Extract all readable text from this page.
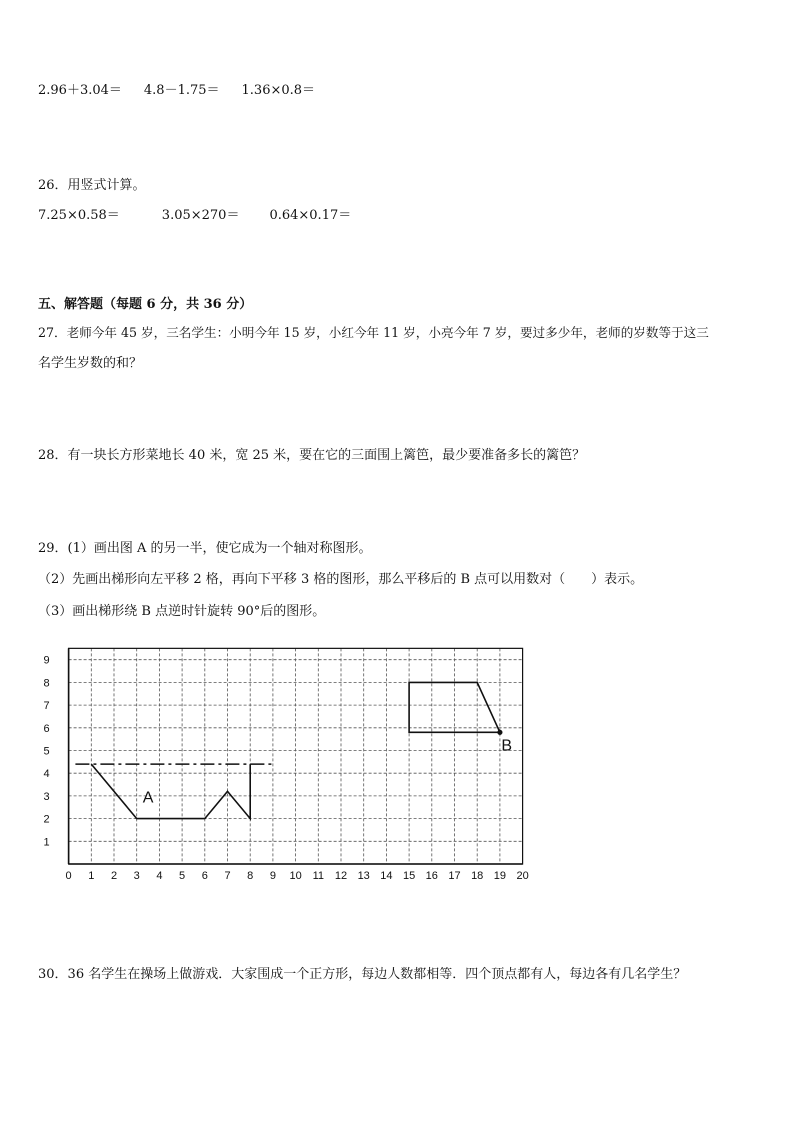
2.96＋3.04＝ 4.8－1.75＝ 1.36×0.8＝
26．用竖式计算。
7.25×0.58＝	3.05×270＝ 0.64×0.17＝
五、解答题（每题 6 分，共 36 分）
27．老师今年 45 岁，三名学生：小明今年 15 岁，小红今年 11 岁，小亮今年 7 岁，要过多少年，老师的岁数等于这三
名学生岁数的和？
28．有一块长方形菜地长 40 米，宽 25 米，要在它的三面围上篱笆，最少要准备多长的篱笆？
29．(1）画出图 A 的另一半，使它成为一个轴对称图形。
（2）先画出梯形向左平移 2 格，再向下平移 3 格的图形，那么平移后的 B 点可以用数对（　　）表示。
（3）画出梯形绕 B 点逆时针旋转 90°后的图形。
0 1 2 3 4 5 6 7 8 9 10 11 12 13 14 15 16 17 18 19 20
1
2
3
4
5
6
7
8
9
A
B
30．36 名学生在操场上做游戏．大家围成一个正方形，每边人数都相等．四个顶点都有人，每边各有几名学生？
